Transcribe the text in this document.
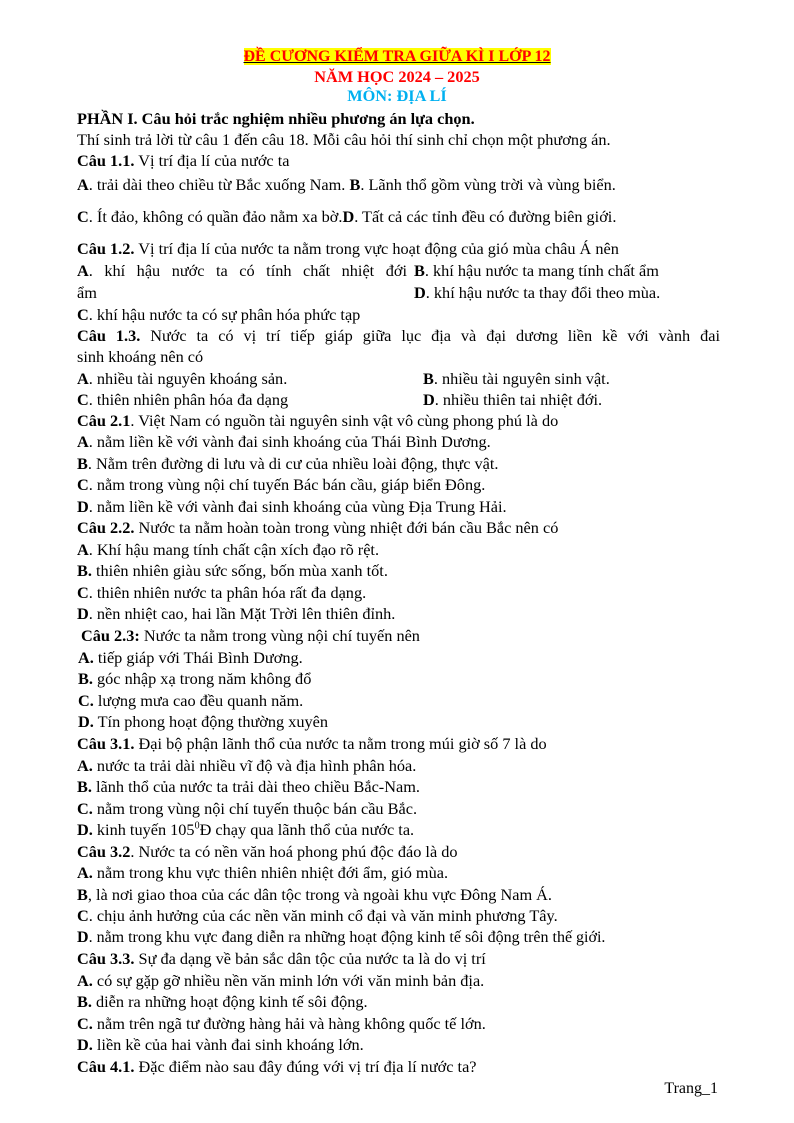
ĐỀ CƯƠNG KIỂM TRA GIỮA KÌ I LỚP 12
NĂM HỌC 2024 – 2025
MÔN: ĐỊA LÍ
PHẦN I. Câu hỏi trắc nghiệm nhiều phương án lựa chọn.
Thí sinh trả lời từ câu 1 đến câu 18. Mỗi câu hỏi thí sinh chỉ chọn một phương án.
Câu 1.1. Vị trí địa lí của nước ta
A. trải dài theo chiều từ Bắc xuống Nam. B. Lãnh thổ gồm vùng trời và vùng biển.
C. Ít đảo, không có quần đảo nằm xa bờ.D. Tất cả các tỉnh đều có đường biên giới.
Câu 1.2. Vị trí địa lí của nước ta nằm trong vực hoạt động của gió mùa châu Á nên
A. khí hậu nước ta có tính chất nhiệt đới
ẩm
B. khí hậu nước ta mang tính chất ẩm
D. khí hậu nước ta thay đổi theo mùa.
C. khí hậu nước ta có sự phân hóa phức tạp
Câu 1.3. Nước ta có vị trí tiếp giáp giữa lục địa và đại dương liền kề với vành đai
sinh khoáng nên có
A. nhiều tài nguyên khoáng sản.	B. nhiều tài nguyên sinh vật.
C. thiên nhiên phân hóa đa dạng	D. nhiều thiên tai nhiệt đới.
Câu 2.1. Việt Nam có nguồn tài nguyên sinh vật vô cùng phong phú là do
A. nằm liền kề với vành đai sinh khoáng của Thái Bình Dương.
B. Nằm trên đường di lưu và di cư của nhiều loài động, thực vật.
C. nằm trong vùng nội chí tuyến Bác bán cầu, giáp biển Đông.
D. nằm liền kề với vành đai sinh khoáng của vùng Địa Trung Hải.
Câu 2.2. Nước ta nằm hoàn toàn trong vùng nhiệt đới bán cầu Bắc nên có
A. Khí hậu mang tính chất cận xích đạo rõ rệt.
B. thiên nhiên giàu sức sống, bốn mùa xanh tốt.
C. thiên nhiên nước ta phân hóa rất đa dạng.
D. nền nhiệt cao, hai lần Mặt Trời lên thiên đỉnh.
Câu 2.3: Nước ta nằm trong vùng nội chí tuyến nên
A. tiếp giáp với Thái Bình Dương.
B. góc nhập xạ trong năm không đổ
C. lượng mưa cao đều quanh năm.
D. Tín phong hoạt động thường xuyên
Câu 3.1. Đại bộ phận lãnh thổ của nước ta nằm trong múi giờ số 7 là do
A. nước ta trải dài nhiều vĩ độ và địa hình phân hóa.
B. lãnh thổ của nước ta trải dài theo chiều Bắc-Nam.
C. nằm trong vùng nội chí tuyến thuộc bán cầu Bắc.
D. kinh tuyến $105^0Đ$ chạy qua lãnh thổ của nước ta.
Câu 3.2. Nước ta có nền văn hoá phong phú độc đáo là do
A. nằm trong khu vực thiên nhiên nhiệt đới ẩm, gió mùa.
B, là nơi giao thoa của các dân tộc trong và ngoài khu vực Đông Nam Á.
C. chịu ảnh hưởng của các nền văn minh cổ đại và văn minh phương Tây.
D. nằm trong khu vực đang diễn ra những hoạt động kinh tế sôi động trên thế giới.
Câu 3.3. Sự đa dạng về bản sắc dân tộc của nước ta là do vị trí
A. có sự gặp gỡ nhiều nền văn minh lớn với văn minh bản địa.
B. diễn ra những hoạt động kinh tế sôi động.
C. nằm trên ngã tư đường hàng hải và hàng không quốc tế lớn.
D. liền kề của hai vành đai sinh khoáng lớn.
Câu 4.1. Đặc điểm nào sau đây đúng với vị trí địa lí nước ta?
Trang_1
